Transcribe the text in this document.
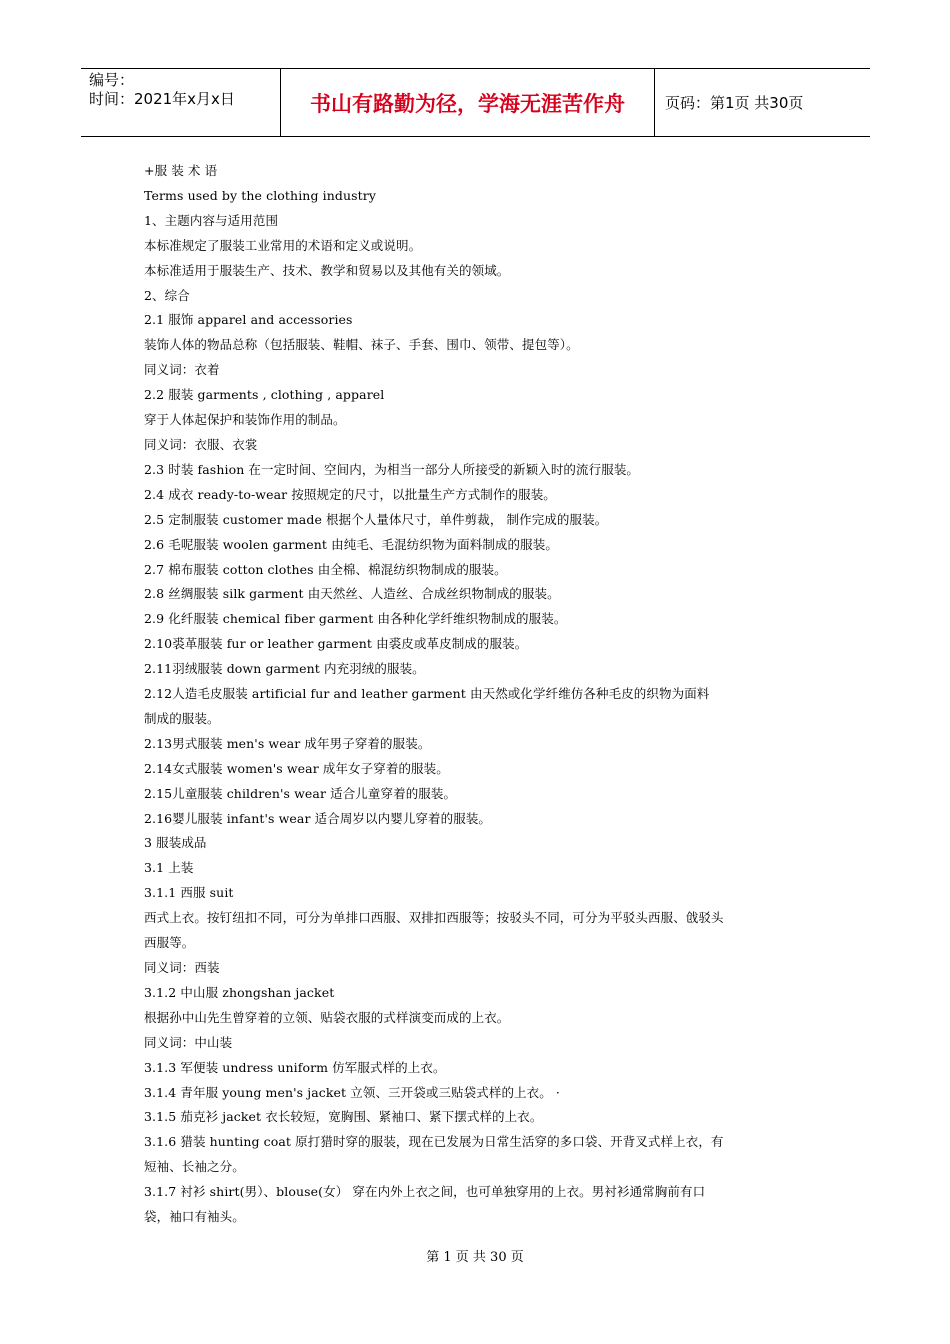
编号：
时间：2021年x月x日	书山有路勤为径，学海无涯苦作舟	页码：第1页 共30页
+服 装 术 语
Terms used by the clothing industry
1、主题内容与适用范围
本标准规定了服装工业常用的术语和定义或说明。
本标准适用于服装生产、技术、教学和贸易以及其他有关的领域。
2、综合
2.1 服饰 apparel and accessories
装饰人体的物品总称（包括服装、鞋帽、袜子、手套、围巾、领带、提包等）。
同义词：衣着
2.2 服装 garments , clothing , apparel
穿于人体起保护和装饰作用的制品。
同义词：衣服、衣裳
2.3 时装 fashion 在一定时间、空间内，为相当一部分人所接受的新颖入时的流行服装。
2.4 成衣 ready-to-wear 按照规定的尺寸，以批量生产方式制作的服装。
2.5 定制服装 customer made 根据个人量体尺寸，单件剪裁， 制作完成的服装。
2.6 毛呢服装 woolen garment 由纯毛、毛混纺织物为面料制成的服装。
2.7 棉布服装 cotton clothes 由全棉、棉混纺织物制成的服装。
2.8 丝绸服装 silk garment 由天然丝、人造丝、合成丝织物制成的服装。
2.9 化纤服装 chemical fiber garment 由各种化学纤维织物制成的服装。
2.10裘革服装 fur or leather garment 由裘皮或革皮制成的服装。
2.11羽绒服装 down garment 内充羽绒的服装。
2.12人造毛皮服装 artificial fur and leather garment 由天然或化学纤维仿各种毛皮的织物为面料
制成的服装。
2.13男式服装 men's wear 成年男子穿着的服装。
2.14女式服装 women's wear 成年女子穿着的服装。
2.15儿童服装 children's wear 适合儿童穿着的服装。
2.16婴儿服装 infant's wear 适合周岁以内婴儿穿着的服装。
3 服装成品
3.1 上装
3.1.1 西服 suit
西式上衣。按钉纽扣不同，可分为单排口西服、双排扣西服等；按驳头不同，可分为平驳头西服、戗驳头
西服等。
同义词：西装
3.1.2 中山服 zhongshan jacket
根据孙中山先生曾穿着的立领、贴袋衣服的式样演变而成的上衣。
同义词：中山装
3.1.3 军便装 undress uniform 仿军服式样的上衣。
3.1.4 青年服 young men's jacket 立领、三开袋或三贴袋式样的上衣。 ·
3.1.5 茄克衫 jacket 衣长较短，宽胸围、紧袖口、紧下摆式样的上衣。
3.1.6 猎装 hunting coat 原打猎时穿的服装，现在已发展为日常生活穿的多口袋、开背叉式样上衣，有
短袖、长袖之分。
3.1.7 衬衫 shirt(男）、blouse(女） 穿在内外上衣之间，也可单独穿用的上衣。男衬衫通常胸前有口
袋，袖口有袖头。
第 1 页 共 30 页
